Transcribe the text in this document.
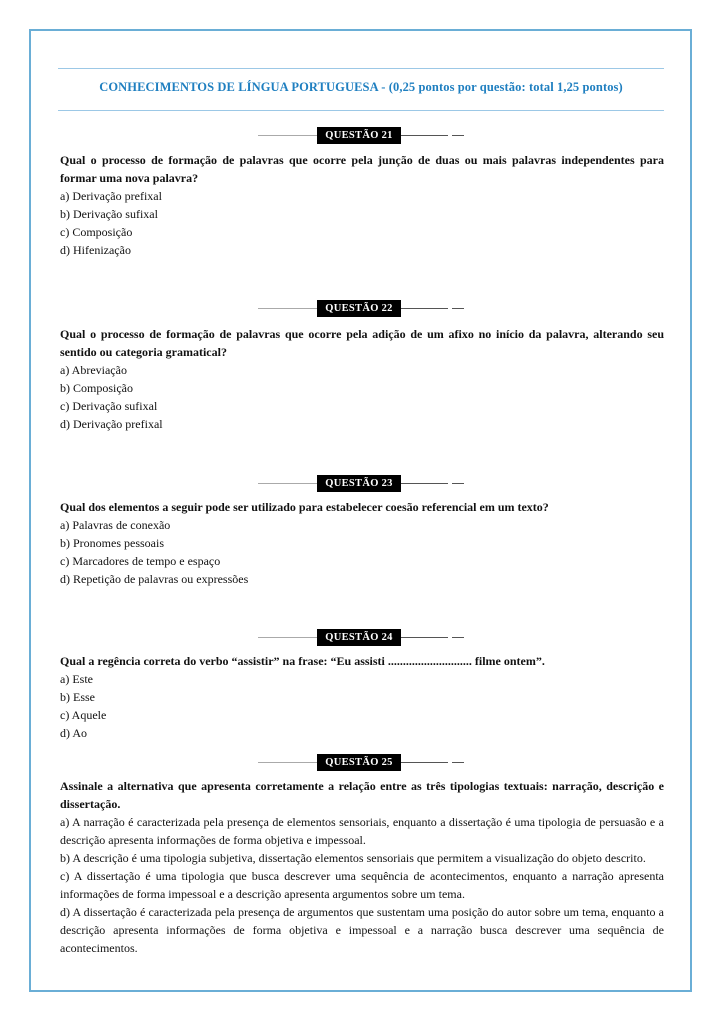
CONHECIMENTOS DE LÍNGUA PORTUGUESA - (0,25 pontos por questão: total 1,25 pontos)
QUESTÃO 21

Qual o processo de formação de palavras que ocorre pela junção de duas ou mais palavras independentes para formar uma nova palavra?

a) Derivação prefixal

b) Derivação sufixal

c) Composição

d) Hifenização

QUESTÃO 22

Qual o processo de formação de palavras que ocorre pela adição de um afixo no início da palavra, alterando seu sentido ou categoria gramatical?

a) Abreviação

b) Composição

c) Derivação sufixal

d) Derivação prefixal

QUESTÃO 23

Qual dos elementos a seguir pode ser utilizado para estabelecer coesão referencial em um texto?

a) Palavras de conexão

b) Pronomes pessoais

c) Marcadores de tempo e espaço

d) Repetição de palavras ou expressões

QUESTÃO 24

Qual a regência correta do verbo “assistir” na frase: “Eu assisti ............................ filme ontem”.

a) Este

b) Esse

c) Aquele

d) Ao

QUESTÃO 25

Assinale a alternativa que apresenta corretamente a relação entre as três tipologias textuais: narração, descrição e dissertação.

a) A narração é caracterizada pela presença de elementos sensoriais, enquanto a dissertação é uma tipologia de persuasão e a descrição apresenta informações de forma objetiva e impessoal.

b) A descrição é uma tipologia subjetiva, dissertação elementos sensoriais que permitem a visualização do objeto descrito.

c) A dissertação é uma tipologia que busca descrever uma sequência de acontecimentos, enquanto a narração apresenta informações de forma impessoal e a descrição apresenta argumentos sobre um tema.

d) A dissertação é caracterizada pela presença de argumentos que sustentam uma posição do autor sobre um tema, enquanto a descrição apresenta informações de forma objetiva e impessoal e a narração busca descrever uma sequência de acontecimentos.
